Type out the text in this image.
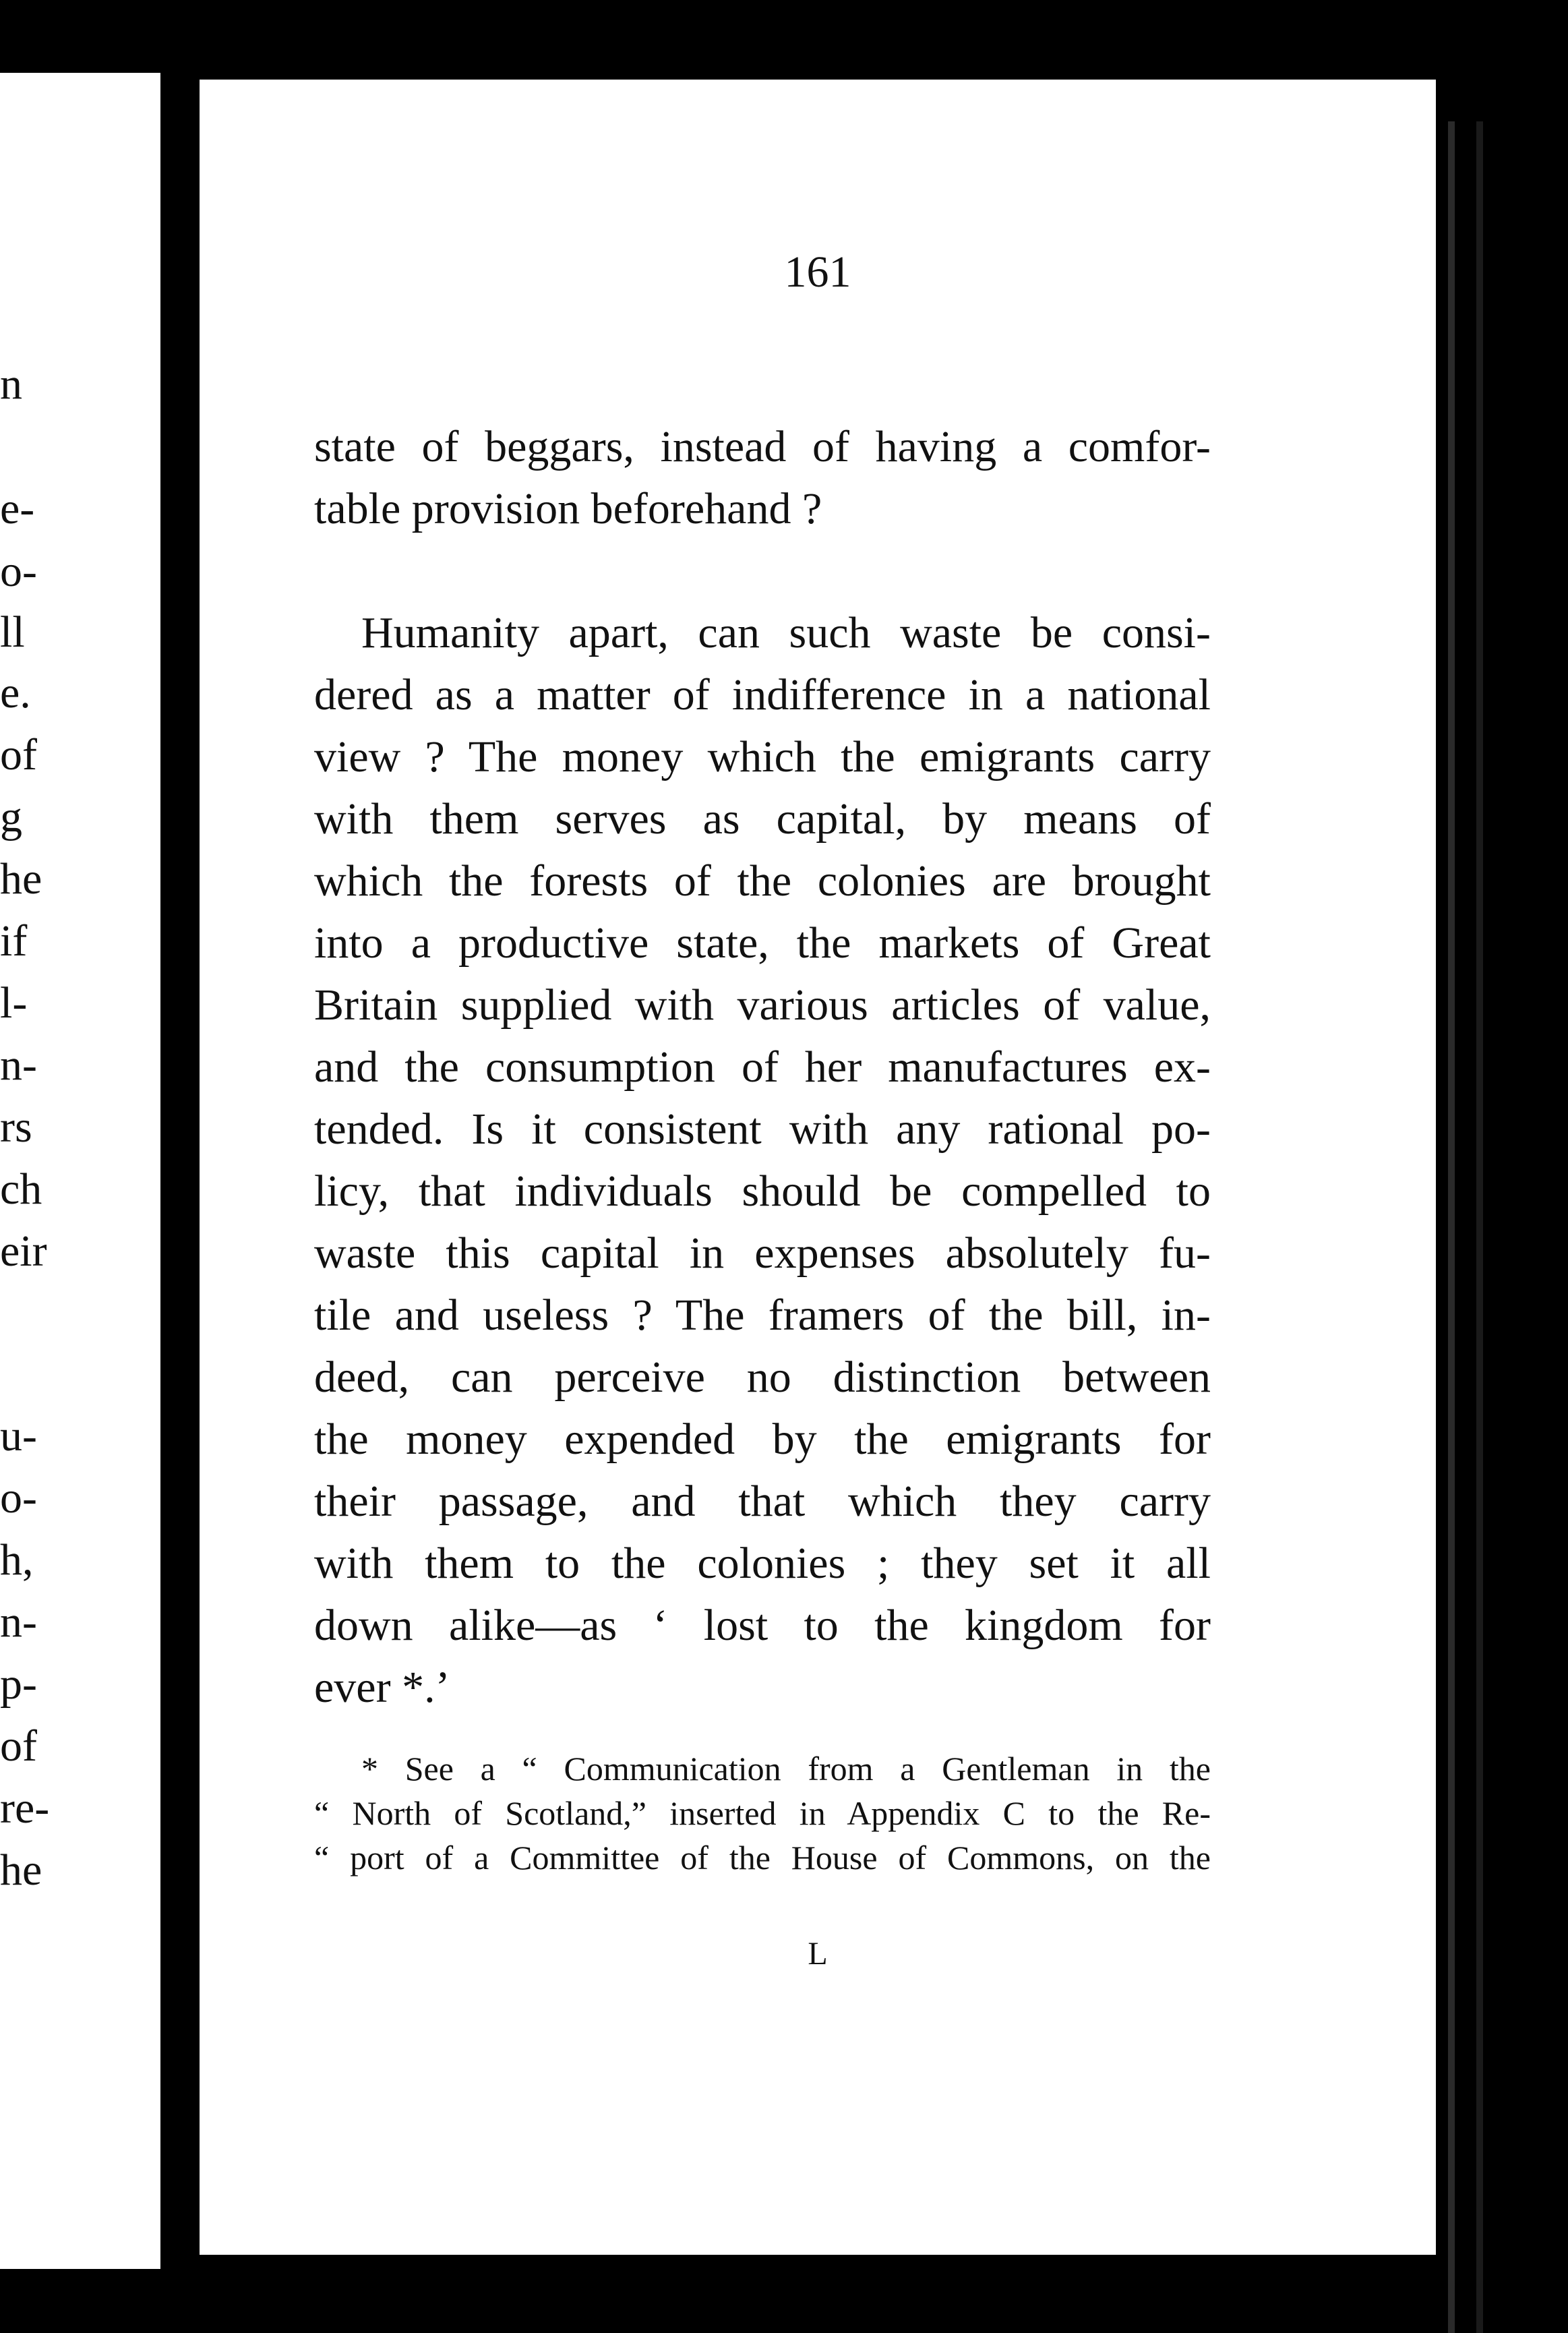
n
e-
o-
ll
e.
of
g
he
if
l-
n-
rs
ch
eir
u-
o-
h,
n-
p-
of
re-
he
161

state of beggars, instead of having a comfor-

table provision beforehand ?

Humanity apart, can such waste be consi-

dered as a matter of indifference in a national

view ? The money which the emigrants carry

with them serves as capital, by means of

which the forests of the colonies are brought

into a productive state, the markets of Great

Britain supplied with various articles of value,

and the consumption of her manufactures ex-

tended. Is it consistent with any rational po-

licy, that individuals should be compelled to

waste this capital in expenses absolutely fu-

tile and useless ? The framers of the bill, in-

deed, can perceive no distinction between

the money expended by the emigrants for

their passage, and that which they carry

with them to the colonies ; they set it all

down alike—as ‘ lost to the kingdom for

ever *.’

* See a “ Communication from a Gentleman in the

“ North of Scotland,” inserted in Appendix C to the Re-

“ port of a Committee of the House of Commons, on the

L
